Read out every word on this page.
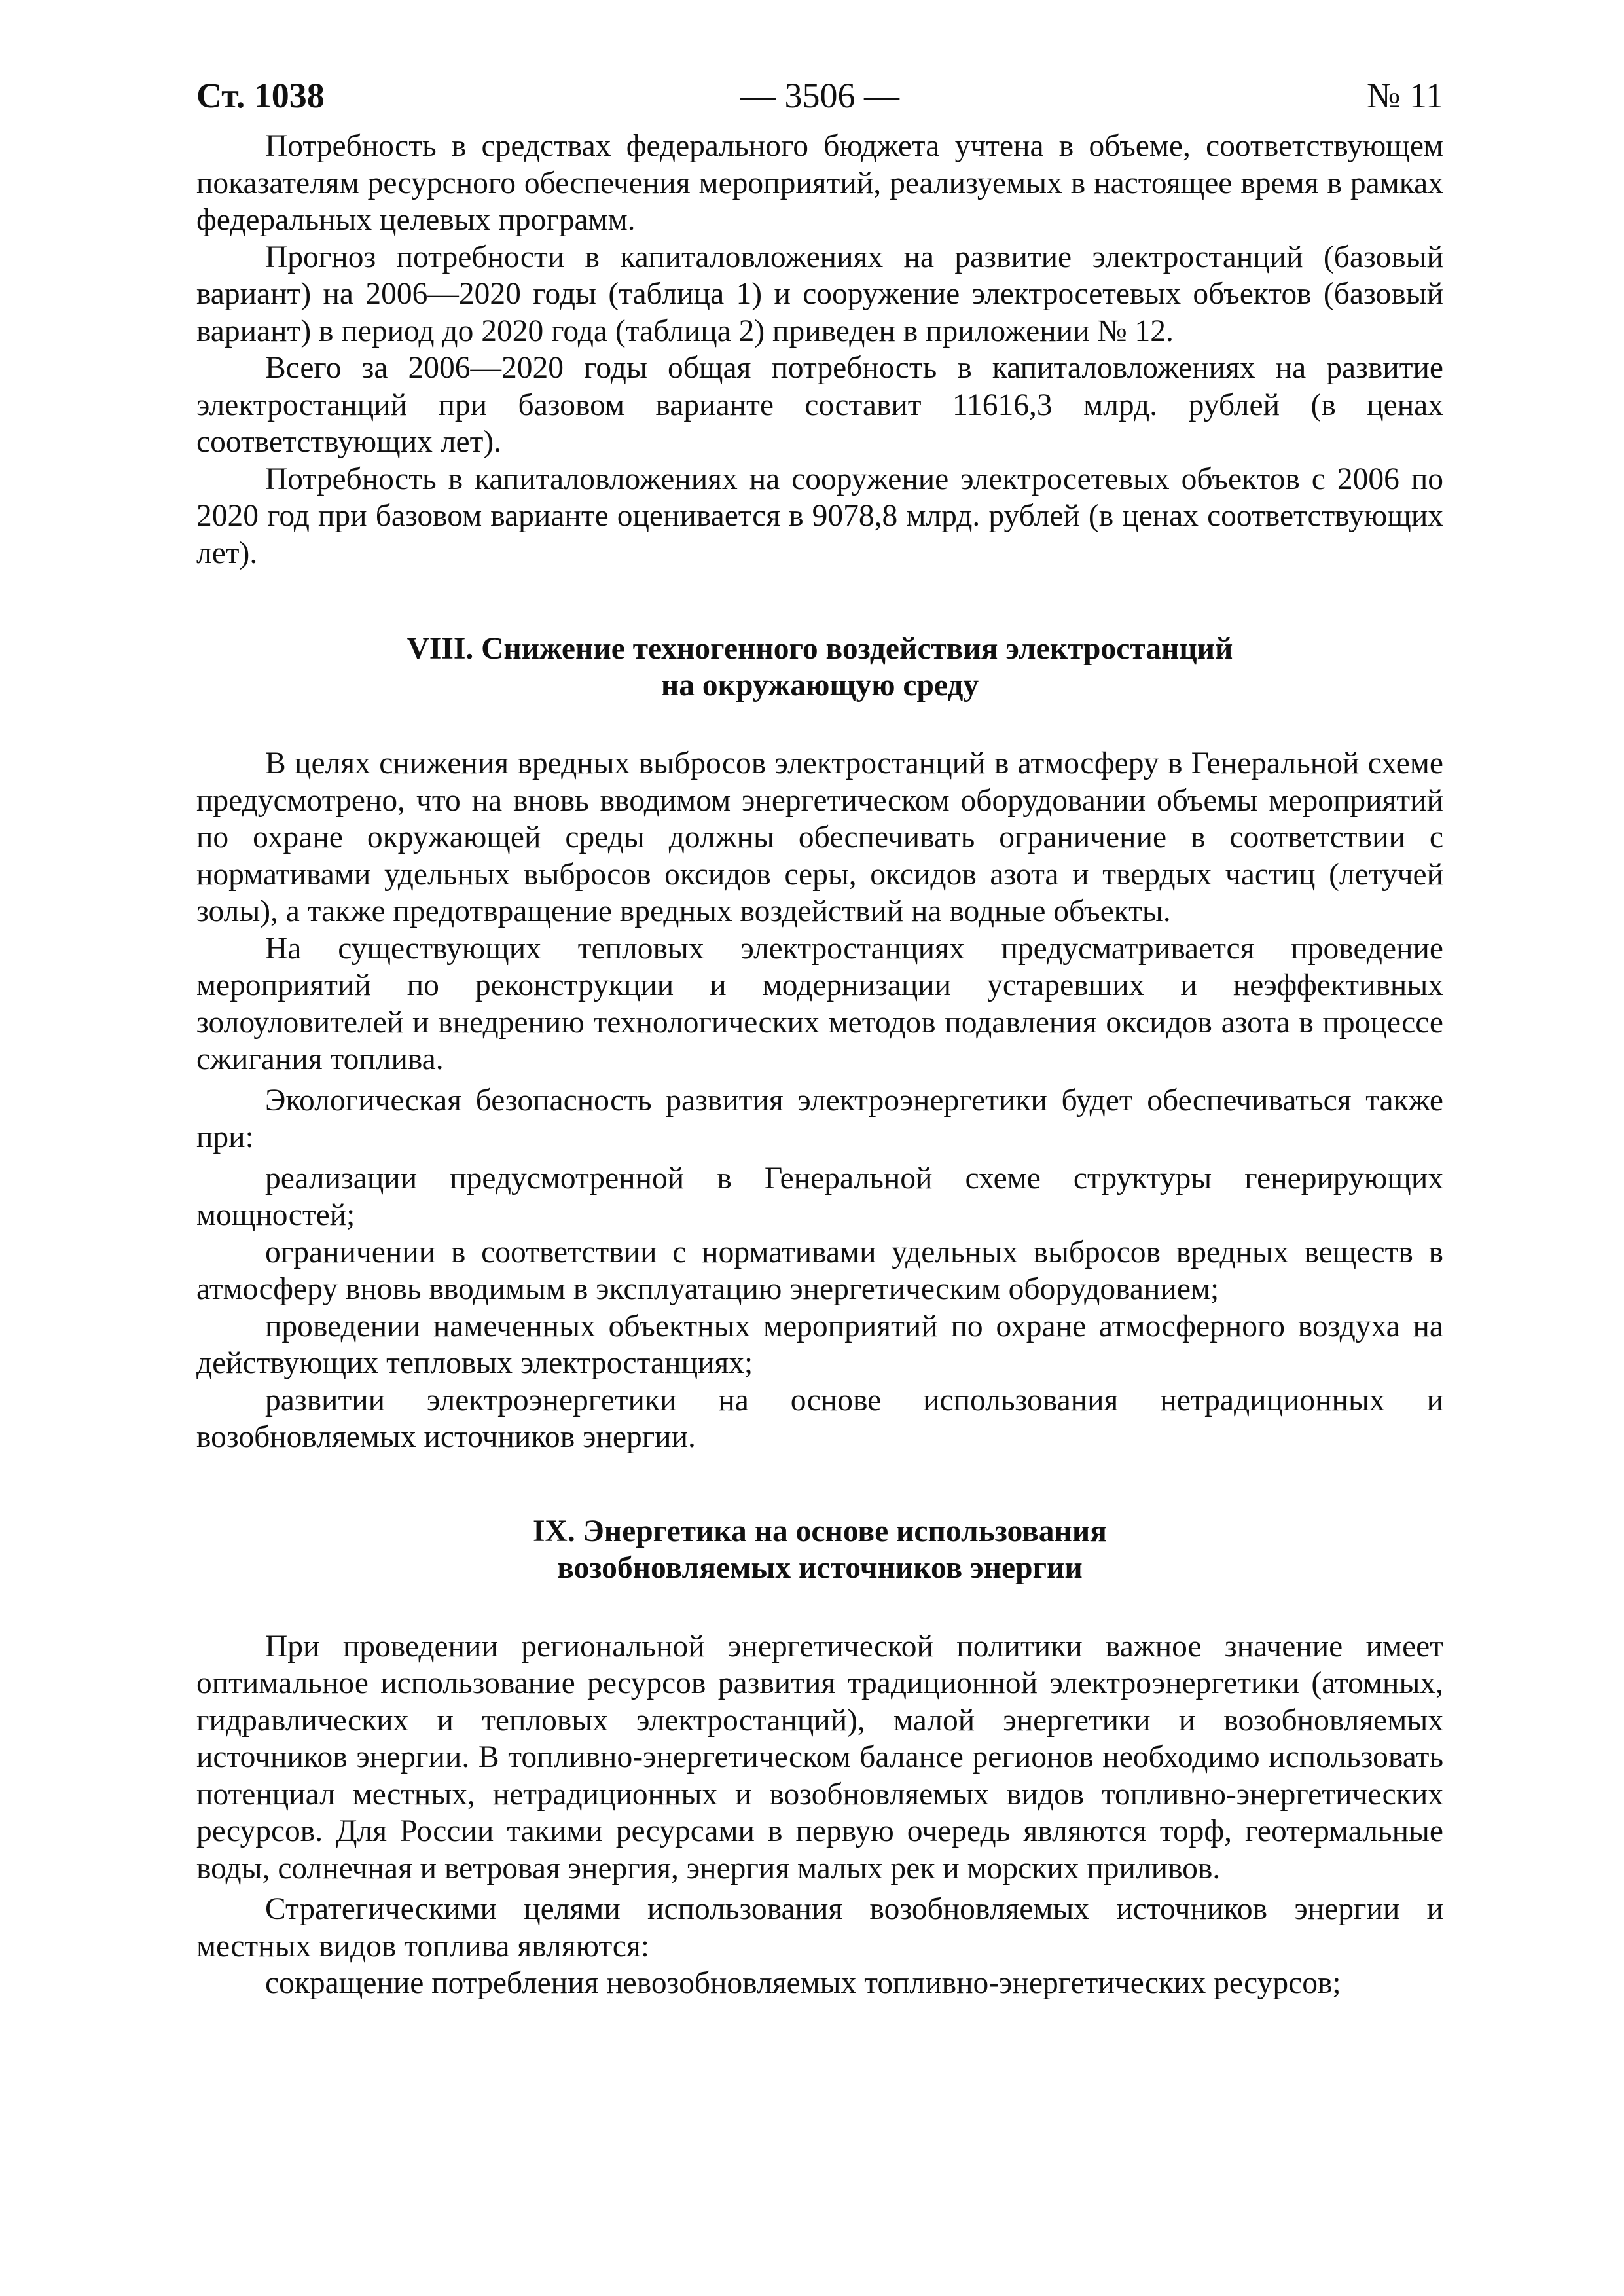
Ст. 1038	— 3506 —	№ 11

Потребность в средствах федерального бюджета учтена в объеме, соответствующем показателям ресурсного обеспечения мероприятий, реализуемых в настоящее время в рамках федеральных целевых программ.

Прогноз потребности в капиталовложениях на развитие электростанций (базовый вариант) на 2006—2020 годы (таблица 1) и сооружение электросетевых объектов (базовый вариант) в период до 2020 года (таблица 2) приведен в приложении № 12.

Всего за 2006—2020 годы общая потребность в капиталовложениях на развитие электростанций при базовом варианте составит 11616,3 млрд. рублей (в ценах соответствующих лет).

Потребность в капиталовложениях на сооружение электросетевых объектов с 2006 по 2020 год при базовом варианте оценивается в 9078,8 млрд. рублей (в ценах соответствующих лет).

VIII. Снижение техногенного воздействия электростанций
на окружающую среду

В целях снижения вредных выбросов электростанций в атмосферу в Генеральной схеме предусмотрено, что на вновь вводимом энергетическом оборудовании объемы мероприятий по охране окружающей среды должны обеспечивать ограничение в соответствии с нормативами удельных выбросов оксидов серы, оксидов азота и твердых частиц (летучей золы), а также предотвращение вредных воздействий на водные объекты.

На существующих тепловых электростанциях предусматривается проведение мероприятий по реконструкции и модернизации устаревших и неэффективных золоуловителей и внедрению технологических методов подавления оксидов азота в процессе сжигания топлива.

Экологическая безопасность развития электроэнергетики будет обеспечиваться также при:

реализации предусмотренной в Генеральной схеме структуры генерирующих мощностей;

ограничении в соответствии с нормативами удельных выбросов вредных веществ в атмосферу вновь вводимым в эксплуатацию энергетическим оборудованием;

проведении намеченных объектных мероприятий по охране атмосферного воздуха на действующих тепловых электростанциях;

развитии электроэнергетики на основе использования нетрадиционных и возобновляемых источников энергии.

IX. Энергетика на основе использования
возобновляемых источников энергии

При проведении региональной энергетической политики важное значение имеет оптимальное использование ресурсов развития традиционной электроэнергетики (атомных, гидравлических и тепловых электростанций), малой энергетики и возобновляемых источников энергии. В топливно-энергетическом балансе регионов необходимо использовать потенциал местных, нетрадиционных и возобновляемых видов топливно-энергетических ресурсов. Для России такими ресурсами в первую очередь являются торф, геотермальные воды, солнечная и ветровая энергия, энергия малых рек и морских приливов.

Стратегическими целями использования возобновляемых источников энергии и местных видов топлива являются:

сокращение потребления невозобновляемых топливно-энергетических ресурсов;
